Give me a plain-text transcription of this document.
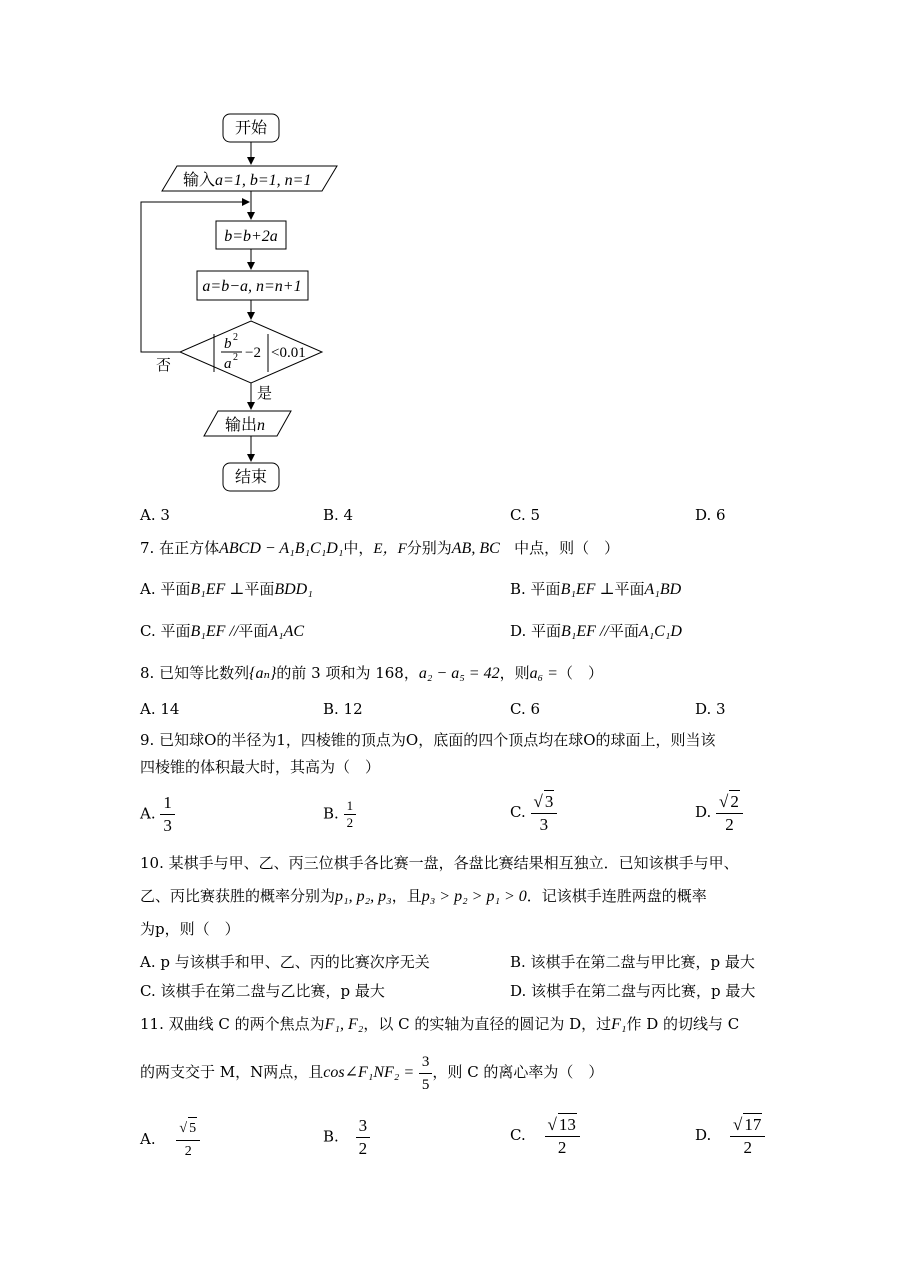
开始
输入a=1, b=1, n=1
b=b+2a
a=b−a, n=n+1
b 2
a 2 −2 <0.01
否
是
输出n
结束
A. 3	B. 4	C. 5	D. 6
7. 在正方体ABCD − A₁B₁C₁D₁中，E，F分别为AB, BC 中点，则（　）
A. 平面B₁EF ⊥平面BDD₁	B. 平面B₁EF ⊥平面A₁BD
C. 平面B₁EF //平面A₁AC	D. 平面B₁EF //平面A₁C₁D
8. 已知等比数列{aₙ}的前 3 项和为 168，a₂ − a₅ = 42，则a₆ =（　）
A. 14	B. 12	C. 6	D. 3
9. 已知球O的半径为1，四棱锥的顶点为O，底面的四个顶点均在球O的球面上，则当该
四棱锥的体积最大时，其高为（　）
A. $\frac{1}{3}$	B. $\frac{1}{2}$	C. $\frac{√ 3}{3}$	D. $\frac{√ 2}{2}$
10. 某棋手与甲、乙、丙三位棋手各比赛一盘，各盘比赛结果相互独立．已知该棋手与甲、
乙、丙比赛获胜的概率分别为p₁, p₂, p₃，且p₃ > p₂ > p₁ > 0．记该棋手连胜两盘的概率
为p，则（　）
A. p 与该棋手和甲、乙、丙的比赛次序无关	B. 该棋手在第二盘与甲比赛，p 最大
C. 该棋手在第二盘与乙比赛，p 最大	D. 该棋手在第二盘与丙比赛，p 最大
11. 双曲线 C 的两个焦点为F₁, F₂，以 C 的实轴为直径的圆记为 D，过F₁作 D 的切线与 C
的两支交于 M，N两点，且cos∠F₁NF₂ = $\frac{3}{5}$ ，则 C 的离心率为（　）
A. $\frac{√ 5}{2}$	B. $\frac{3}{2}$	C. $\frac{√ 13}{2}$	D. $\frac{√ 17}{2}$
